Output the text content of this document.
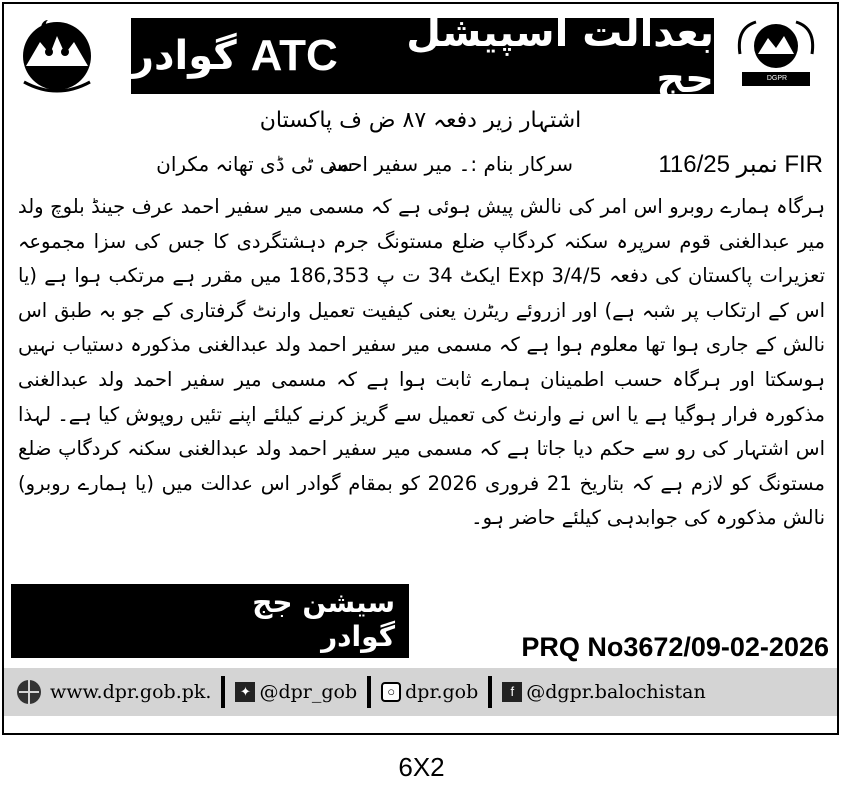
بعدالت اسپیشل جج
ATC
گوادر	DGPR BALOCHISTAN
اشتہار زیر دفعہ ۸۷ ض ف پاکستان
FIR نمبر 116/25
سرکار بنام :۔ میر سفیر احمد
سی ٹی ڈی تھانہ مکران

ہرگاہ ہمارے روبرو اس امر کی نالش پیش ہوئی ہے کہ مسمی میر سفیر احمد عرف جینڈ بلوچ ولد میر عبدالغنی قوم سرپرہ سکنہ کردگاپ ضلع مستونگ جرم دہشتگردی کا جس کی سزا مجموعہ تعزیرات پاکستان کی دفعہ Exp 3/4/5 ایکٹ 34 ت پ 186,353 میں مقرر ہے مرتکب ہوا ہے (یا اس کے ارتکاب پر شبہ ہے) اور ازروئے ریٹرن یعنی کیفیت تعمیل وارنٹ گرفتاری کے جو بہ طبق اس نالش کے جاری ہوا تھا معلوم ہوا ہے کہ مسمی میر سفیر احمد ولد عبدالغنی مذکورہ دستیاب نہیں ہوسکتا اور ہرگاہ حسب اطمینان ہمارے ثابت ہوا ہے کہ مسمی میر سفیر احمد ولد عبدالغنی مذکورہ فرار ہوگیا ہے یا اس نے وارنٹ کی تعمیل سے گریز کرنے کیلئے اپنے تئیں روپوش کیا ہے۔ لہذا اس اشتہار کی رو سے حکم دیا جاتا ہے کہ مسمی میر سفیر احمد ولد عبدالغنی سکنہ کردگاپ ضلع مستونگ کو لازم ہے کہ بتاریخ 21 فروری 2026 کو بمقام گوادر اس عدالت میں (یا ہمارے روبرو) نالش مذکورہ کی جوابدہی کیلئے حاضر ہو۔

سیشن جج
گوادر	PRQ No3672/09-02-2026
www.dpr.gob.pk.	✦ @dpr_gob	○ dpr.gob	f @dgpr.balochistan
6X2
